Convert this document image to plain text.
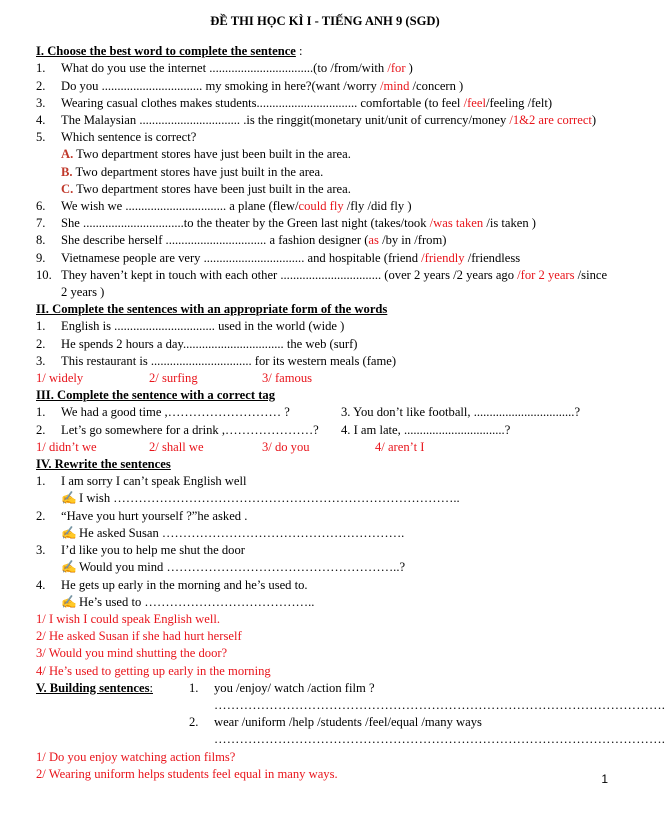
ĐỀ THI HỌC KÌ I - TIẾNG ANH 9 (SGD)
I. Choose the best word to complete the sentence :
1.	What do you use the internet .................................(to /from/with /for )
2.	Do you ................................ my smoking in here?(want /worry /mind /concern )
3.	Wearing casual clothes makes students................................ comfortable (to feel /feel/feeling /felt)
4.	The Malaysian ................................ .is the ringgit(monetary unit/unit of currency/money /1&2 are correct)
5.	Which sentence is correct?
A. Two department stores have just been built in the area.
B. Two department stores have just built in the area.
C. Two department stores have been just built in the area.
6.	We wish we ................................ a plane (flew/could fly /fly /did fly )
7.	She ................................to the theater by the Green last night (takes/took /was taken /is taken )
8.	She describe herself ................................ a fashion designer (as /by in /from)
9.	Vietnamese people are very ................................ and hospitable (friend /friendly /friendless
10. They haven’t kept in touch with each other ................................ (over 2 years /2 years ago /for 2 years /since
2 years )
II. Complete the sentences with an appropriate form of the words
1.	English is ................................ used in the world (wide )
2.	He spends 2 hours a day................................ the web (surf)
3.	This restaurant is ................................ for its western meals (fame)
1/ widely	2/ surfing	3/ famous
III. Complete the sentence with a correct tag
1.	We had a good time ,……………………… ?	3. You don’t like football, ................................?
2.	Let’s go somewhere for a drink ,…………………? 4. I am late, ................................?
1/ didn’t we	2/ shall we	3/ do you	4/ aren’t I
IV. Rewrite the sentences
1.	I am sorry I can’t speak English well
✍ I wish ………………………………………………………………………..
2.	“Have you hurt yourself ?”he asked .
✍ He asked Susan ………………………………………………….
3.	I’d like you to help me shut the door
✍ Would you mind ………………………………………………..?
4.	He gets up early in the morning and he’s used to.
✍ He’s used to …………………………………..
1/ I wish I could speak English well.
2/ He asked Susan if she had hurt herself
3/ Would you mind shutting the door?
4/ He’s used to getting up early in the morning
V. Building sentences:	1.	you /enjoy/ watch /action film ?
…………………………………………………………………………………………….
2.	wear /uniform /help /students /feel/equal /many ways
…………………………………………………………………………………………….
1/ Do you enjoy watching action films?
2/ Wearing uniform helps students feel equal in many ways.	1
